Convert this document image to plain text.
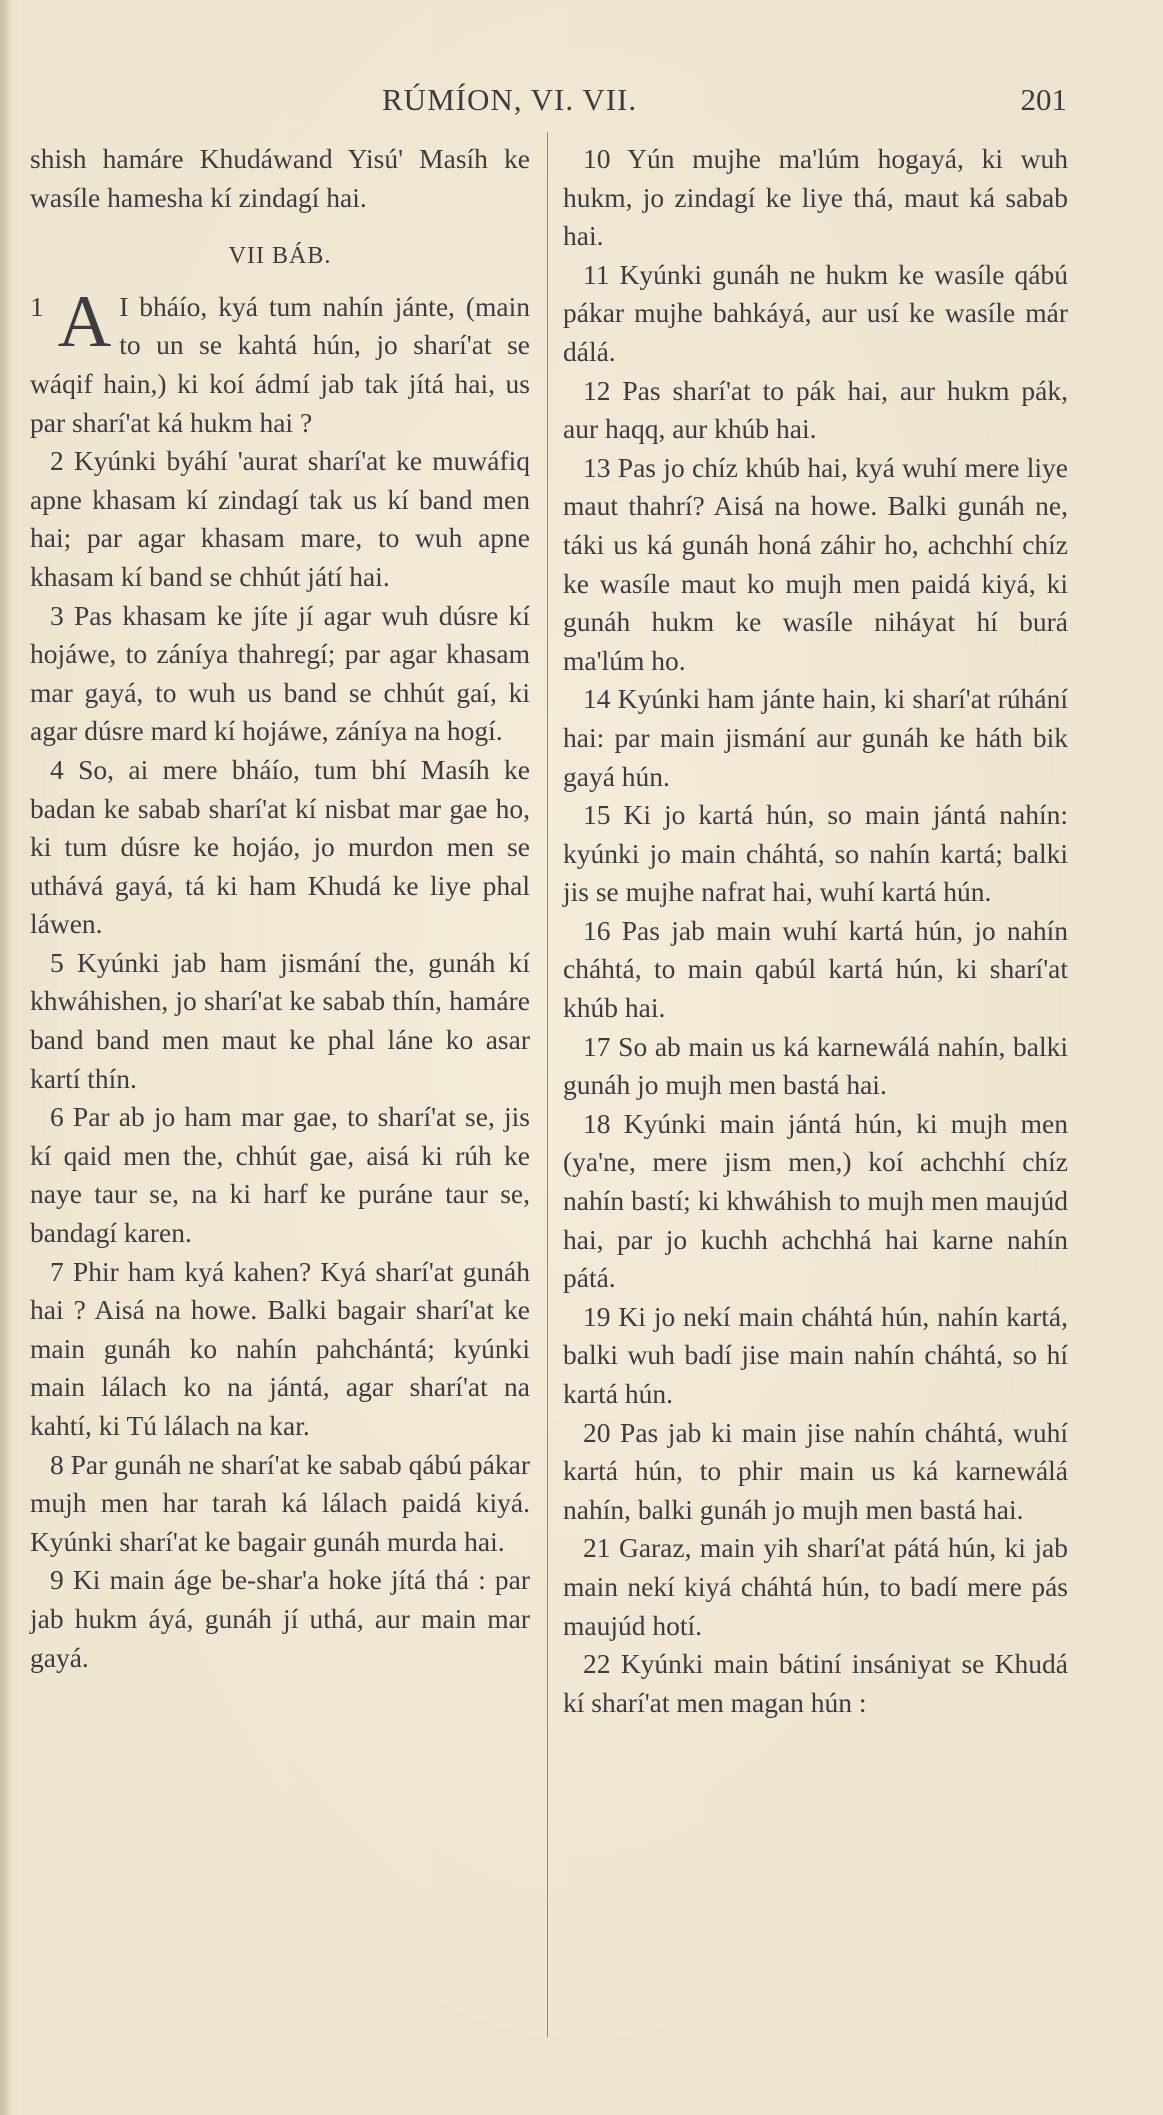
RÚMÍON, VI. VII.	201

shish hamáre Khudáwand Yisú' Masíh ke wasíle hamesha kí zindagí hai.

VII BÁB.

1 A I bháío, kyá tum nahín jánte, (main to un se kahtá hún, jo sharí'at se wáqif hain,) ki koí ádmí jab tak jítá hai, us par sharí'at ká hukm hai ?

2 Kyúnki byáhí 'aurat sharí'at ke muwáfiq apne khasam kí zindagí tak us kí band men hai; par agar khasam mare, to wuh apne khasam kí band se chhút játí hai.

3 Pas khasam ke jíte jí agar wuh dúsre kí hojáwe, to záníya thahregí; par agar khasam mar gayá, to wuh us band se chhút gaí, ki agar dúsre mard kí hojáwe, záníya na hogí.

4 So, ai mere bháío, tum bhí Masíh ke badan ke sabab sharí'at kí nisbat mar gae ho, ki tum dúsre ke hojáo, jo murdon men se uthává gayá, tá ki ham Khudá ke liye phal láwen.

5 Kyúnki jab ham jismání the, gunáh kí khwáhishen, jo sharí'at ke sabab thín, hamáre band band men maut ke phal láne ko asar kartí thín.

6 Par ab jo ham mar gae, to sharí'at se, jis kí qaid men the, chhút gae, aisá ki rúh ke naye taur se, na ki harf ke puráne taur se, bandagí karen.

7 Phir ham kyá kahen? Kyá sharí'at gunáh hai ? Aisá na howe. Balki bagair sharí'at ke main gunáh ko nahín pahchántá; kyúnki main lálach ko na jántá, agar sharí'at na kahtí, ki Tú lálach na kar.

8 Par gunáh ne sharí'at ke sabab qábú pákar mujh men har tarah ká lálach paidá kiyá. Kyúnki sharí'at ke bagair gunáh murda hai.

9 Ki main áge be-shar'a hoke jítá thá : par jab hukm áyá, gunáh jí uthá, aur main mar gayá.

10 Yún mujhe ma'lúm hogayá, ki wuh hukm, jo zindagí ke liye thá, maut ká sabab hai.

11 Kyúnki gunáh ne hukm ke wasíle qábú pákar mujhe bahkáyá, aur usí ke wasíle már dálá.

12 Pas sharí'at to pák hai, aur hukm pák, aur haqq, aur khúb hai.

13 Pas jo chíz khúb hai, kyá wuhí mere liye maut thahrí? Aisá na howe. Balki gunáh ne, táki us ká gunáh honá záhir ho, achchhí chíz ke wasíle maut ko mujh men paidá kiyá, ki gunáh hukm ke wasíle niháyat hí burá ma'lúm ho.

14 Kyúnki ham jánte hain, ki sharí'at rúhání hai: par main jismání aur gunáh ke háth bik gayá hún.

15 Ki jo kartá hún, so main jántá nahín: kyúnki jo main cháhtá, so nahín kartá; balki jis se mujhe nafrat hai, wuhí kartá hún.

16 Pas jab main wuhí kartá hún, jo nahín cháhtá, to main qabúl kartá hún, ki sharí'at khúb hai.

17 So ab main us ká karnewálá nahín, balki gunáh jo mujh men bastá hai.

18 Kyúnki main jántá hún, ki mujh men (ya'ne, mere jism men,) koí achchhí chíz nahín bastí; ki khwáhish to mujh men maujúd hai, par jo kuchh achchhá hai karne nahín pátá.

19 Ki jo nekí main cháhtá hún, nahín kartá, balki wuh badí jise main nahín cháhtá, so hí kartá hún.

20 Pas jab ki main jise nahín cháhtá, wuhí kartá hún, to phir main us ká karnewálá nahín, balki gunáh jo mujh men bastá hai.

21 Garaz, main yih sharí'at pátá hún, ki jab main nekí kiyá cháhtá hún, to badí mere pás maujúd hotí.

22 Kyúnki main bátiní insániyat se Khudá kí sharí'at men magan hún :
